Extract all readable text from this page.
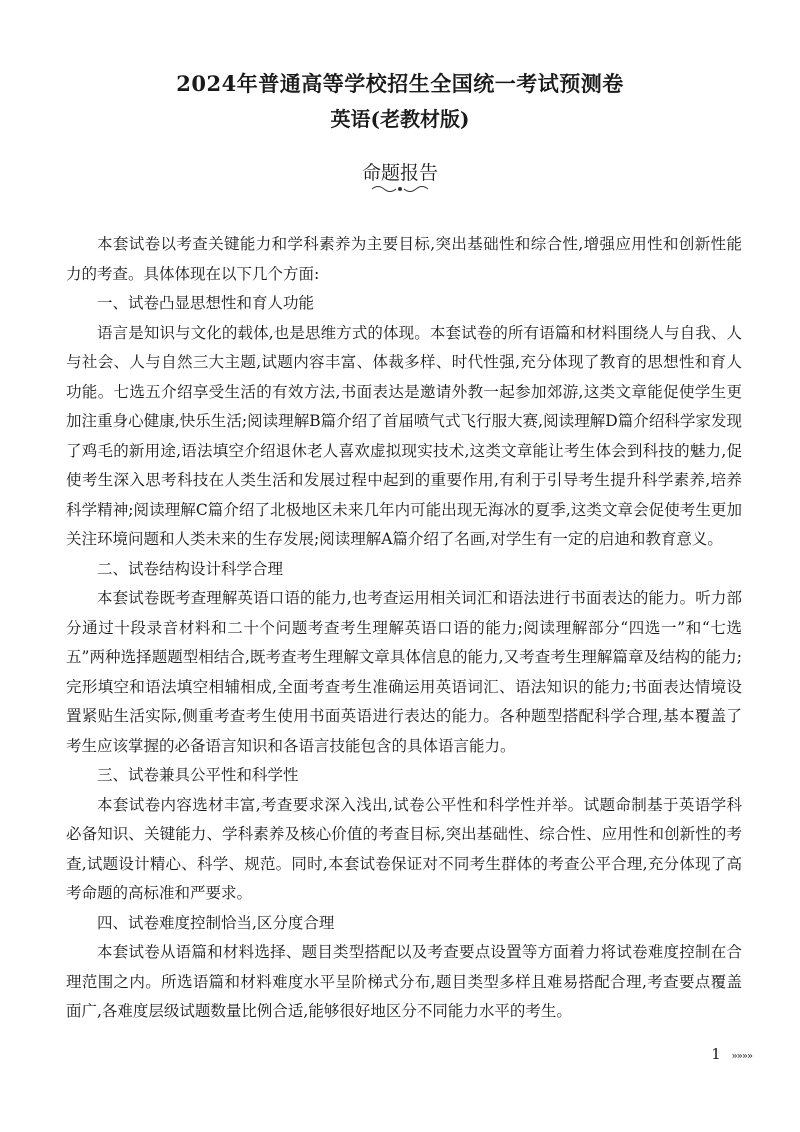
2024年普通高等学校招生全国统一考试预测卷
英语(老教材版)
命题报告

本套试卷以考查关键能力和学科素养为主要目标,突出基础性和综合性,增强应用性和创新性能力的考查。具体体现在以下几个方面:

一、试卷凸显思想性和育人功能

语言是知识与文化的载体,也是思维方式的体现。本套试卷的所有语篇和材料围绕人与自我、人与社会、人与自然三大主题,试题内容丰富、体裁多样、时代性强,充分体现了教育的思想性和育人功能。七选五介绍享受生活的有效方法,书面表达是邀请外教一起参加郊游,这类文章能促使学生更加注重身心健康,快乐生活;阅读理解B篇介绍了首届喷气式飞行服大赛,阅读理解D篇介绍科学家发现了鸡毛的新用途,语法填空介绍退休老人喜欢虚拟现实技术,这类文章能让考生体会到科技的魅力,促使考生深入思考科技在人类生活和发展过程中起到的重要作用,有利于引导考生提升科学素养,培养科学精神;阅读理解C篇介绍了北极地区未来几年内可能出现无海冰的夏季,这类文章会促使考生更加关注环境问题和人类未来的生存发展;阅读理解A篇介绍了名画,对学生有一定的启迪和教育意义。

二、试卷结构设计科学合理

本套试卷既考查理解英语口语的能力,也考查运用相关词汇和语法进行书面表达的能力。听力部分通过十段录音材料和二十个问题考查考生理解英语口语的能力;阅读理解部分“四选一”和“七选五”两种选择题题型相结合,既考查考生理解文章具体信息的能力,又考查考生理解篇章及结构的能力;完形填空和语法填空相辅相成,全面考查考生准确运用英语词汇、语法知识的能力;书面表达情境设置紧贴生活实际,侧重考查考生使用书面英语进行表达的能力。各种题型搭配科学合理,基本覆盖了考生应该掌握的必备语言知识和各语言技能包含的具体语言能力。

三、试卷兼具公平性和科学性

本套试卷内容选材丰富,考查要求深入浅出,试卷公平性和科学性并举。试题命制基于英语学科必备知识、关键能力、学科素养及核心价值的考查目标,突出基础性、综合性、应用性和创新性的考查,试题设计精心、科学、规范。同时,本套试卷保证对不同考生群体的考查公平合理,充分体现了高考命题的高标准和严要求。

四、试卷难度控制恰当,区分度合理

本套试卷从语篇和材料选择、题目类型搭配以及考查要点设置等方面着力将试卷难度控制在合理范围之内。所选语篇和材料难度水平呈阶梯式分布,题目类型多样且难易搭配合理,考查要点覆盖面广,各难度层级试题数量比例合适,能够很好地区分不同能力水平的考生。

1 »»»»
